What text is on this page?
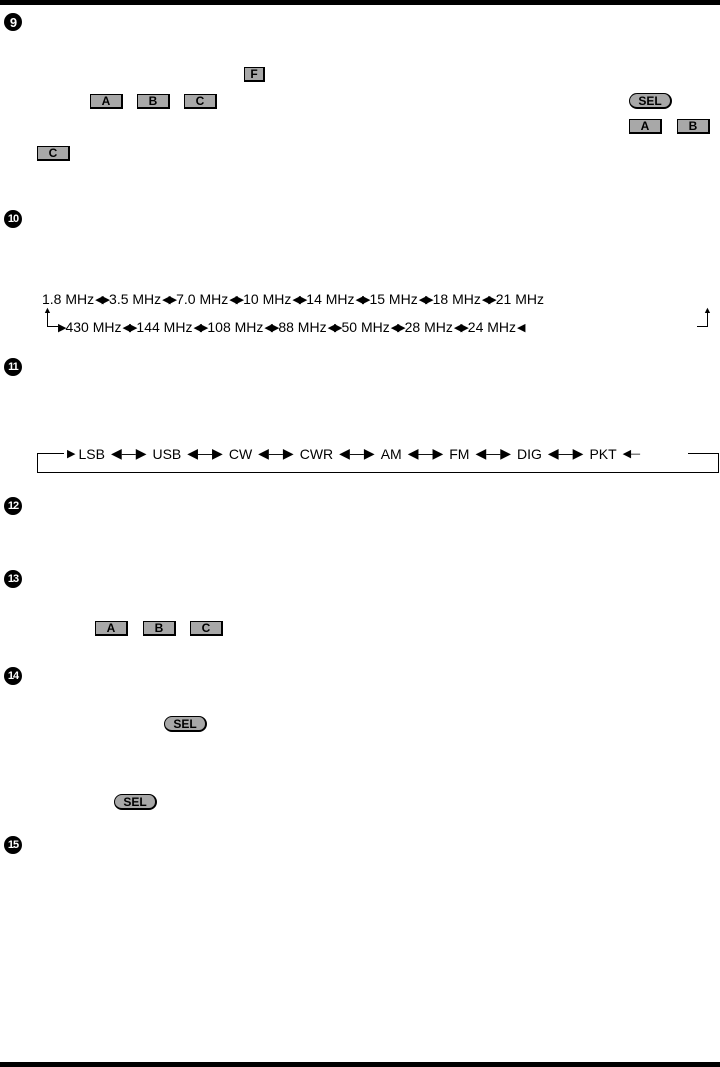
9
F
A	B	C	SEL
A	B
C
10
1.8 MHz ◀▶ 3.5 MHz ◀▶ 7.0 MHz ◀▶ 10 MHz ◀▶ 14 MHz ◀▶ 15 MHz ◀▶ 18 MHz ◀▶ 21 MHz
▲	▲
▶ 430 MHz ◀▶ 144 MHz ◀▶ 108 MHz ◀▶ 88 MHz ◀▶ 50 MHz ◀▶ 28 MHz ◀▶ 24 MHz ◀
11
▶ LSB ◀—▶ USB ◀—▶ CW ◀—▶ CWR ◀—▶ AM ◀—▶ FM ◀—▶ DIG ◀—▶ PKT ◀—
12
13
A	B	C
14
SEL
SEL
15
